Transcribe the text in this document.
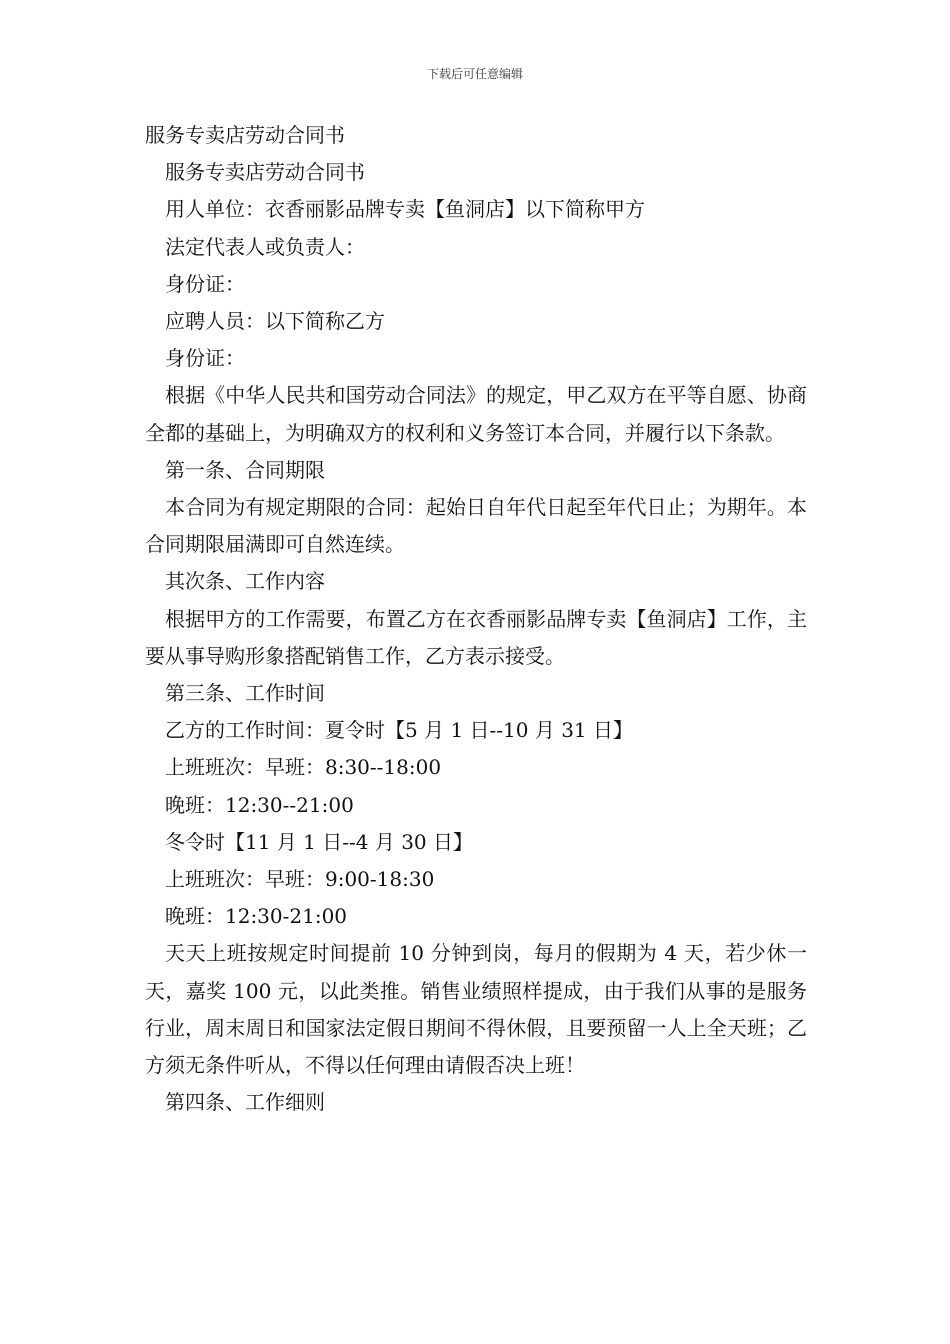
下载后可任意编辑

服务专卖店劳动合同书

服务专卖店劳动合同书

用人单位：衣香丽影品牌专卖【鱼洞店】以下简称甲方

法定代表人或负责人：

身份证：

应聘人员：以下简称乙方

身份证：

根据《中华人民共和国劳动合同法》的规定，甲乙双方在平等自愿、协商全都的基础上，为明确双方的权利和义务签订本合同，并履行以下条款。

第一条、合同期限

本合同为有规定期限的合同：起始日自年代日起至年代日止；为期年。本合同期限届满即可自然连续。

其次条、工作内容

根据甲方的工作需要，布置乙方在衣香丽影品牌专卖【鱼洞店】工作，主要从事导购形象搭配销售工作，乙方表示接受。

第三条、工作时间

乙方的工作时间：夏令时【5 月 1 日--10 月 31 日】

上班班次：早班：8:30--18:00

晚班：12:30--21:00

冬令时【11 月 1 日--4 月 30 日】

上班班次：早班：9:00-18:30

晚班：12:30-21:00

天天上班按规定时间提前 10 分钟到岗，每月的假期为 4 天，若少休一天，嘉奖 100 元，以此类推。销售业绩照样提成，由于我们从事的是服务行业，周末周日和国家法定假日期间不得休假，且要预留一人上全天班；乙方须无条件听从，不得以任何理由请假否决上班！

第四条、工作细则
